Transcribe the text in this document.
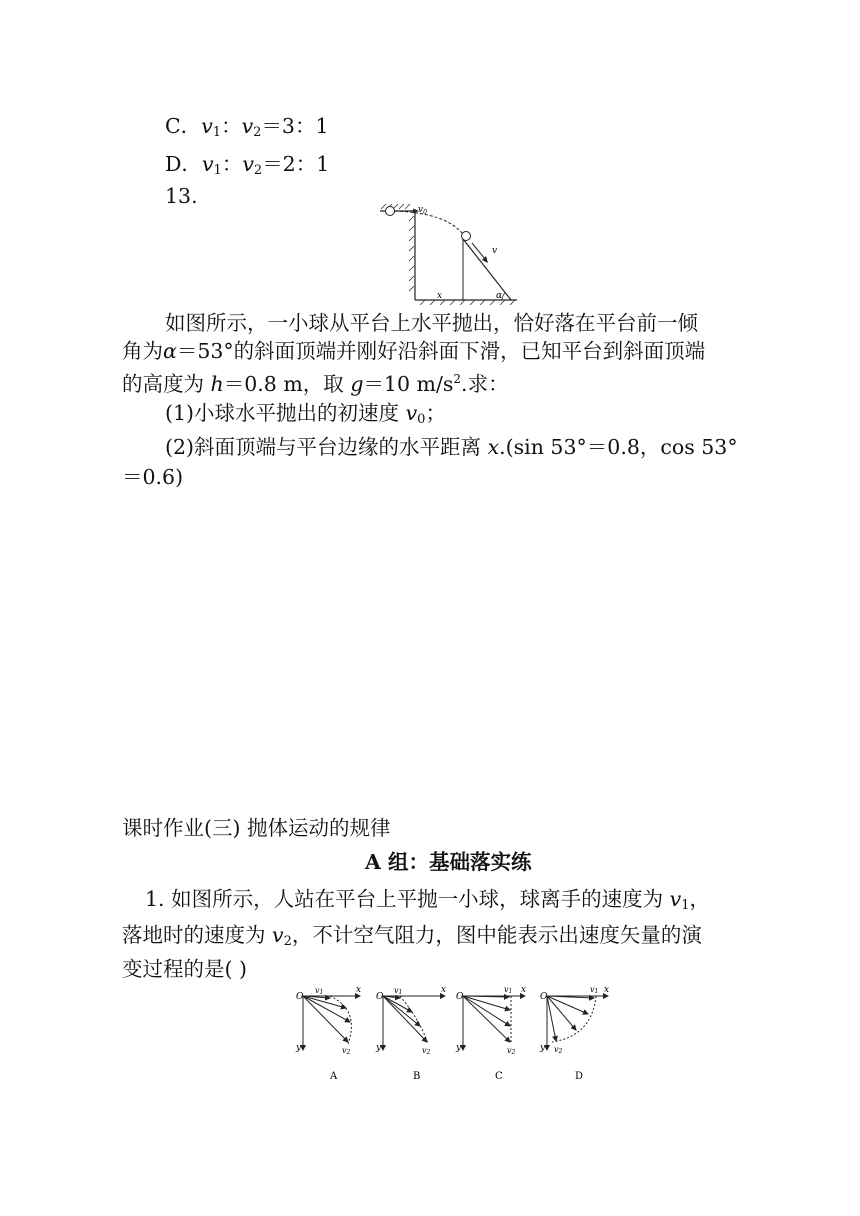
C．$v_1$：$v_2=3$：1
D．$v_1$：$v_2=2$：1
13.
$v_0$
v
x	α
如图所示，一小球从平台上水平抛出，恰好落在平台前一倾
角为α＝53°的斜面顶端并刚好沿斜面下滑，已知平台到斜面顶端
的高度为 h＝0.8 m，取 g＝10 $m/s^2$.求：
(1)小球水平抛出的初速度 $v_0$；
(2)斜面顶端与平台边缘的水平距离 x.(sin 53°＝0.8，cos 53°
＝0.6)
课时作业(三) 抛体运动的规律
A 组：基础落实练
1. 如图所示，人站在平台上平抛一小球，球离手的速度为 $v_1$，
落地时的速度为 $v_2$，不计空气阻力，图中能表示出速度矢量的演
变过程的是( )
O
x
y
v1
v2
A
O
x
y
v1
v2
B
O
x
y
v1
v2
C
O
x
y
v1
v2
D
